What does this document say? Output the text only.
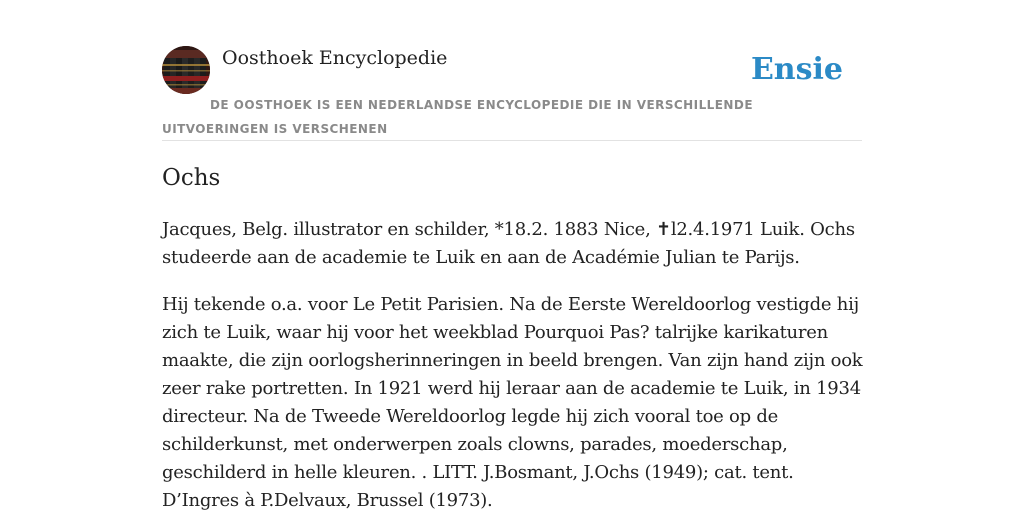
Oosthoek Encyclopedie	Ensie
DE OOSTHOEK IS EEN NEDERLANDSE ENCYCLOPEDIE DIE IN VERSCHILLENDE UITVOERINGEN IS VERSCHENEN
Ochs

Jacques, Belg. illustrator en schilder, *18.2. 1883 Nice, ✝l2.4.1971 Luik. Ochs studeerde aan de academie te Luik en aan de Académie Julian te Parijs.

Hij tekende o.a. voor Le Petit Parisien. Na de Eerste Wereldoorlog vestigde hij zich te Luik, waar hij voor het weekblad Pourquoi Pas? talrijke karikaturen maakte, die zijn oorlogsherinneringen in beeld brengen. Van zijn hand zijn ook zeer rake portretten. In 1921 werd hij leraar aan de academie te Luik, in 1934 directeur. Na de Tweede Wereldoorlog legde hij zich vooral toe op de schilderkunst, met onderwerpen zoals clowns, parades, moederschap, geschilderd in helle kleuren. . LITT. J.Bosmant, J.Ochs (1949); cat. tent. D’Ingres à P.Delvaux, Brussel (1973).
